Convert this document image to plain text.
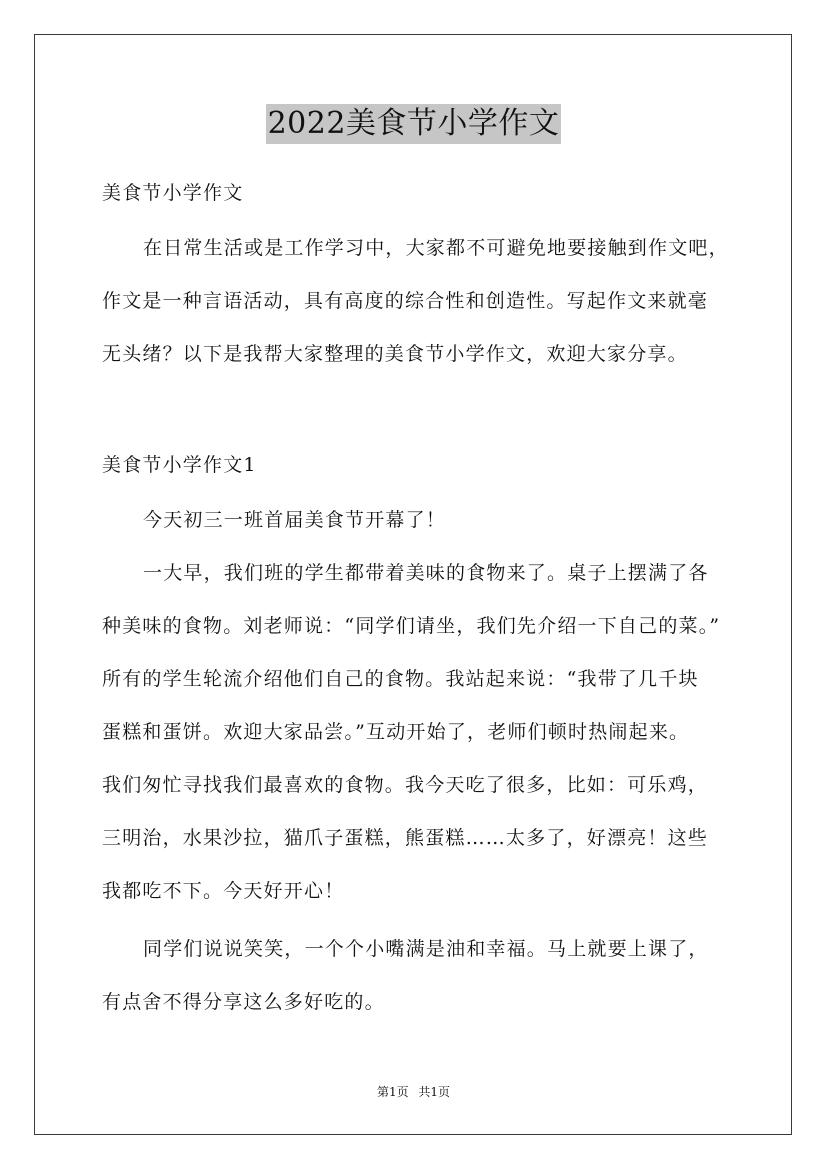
2022美食节小学作文
美食节小学作文
在日常生活或是工作学习中，大家都不可避免地要接触到作文吧，
作文是一种言语活动，具有高度的综合性和创造性。写起作文来就毫
无头绪？以下是我帮大家整理的美食节小学作文，欢迎大家分享。
美食节小学作文1
今天初三一班首届美食节开幕了！
一大早，我们班的学生都带着美味的食物来了。桌子上摆满了各
种美味的食物。刘老师说：“同学们请坐，我们先介绍一下自己的菜。”
所有的学生轮流介绍他们自己的食物。我站起来说：“我带了几千块
蛋糕和蛋饼。欢迎大家品尝。”互动开始了，老师们顿时热闹起来。
我们匆忙寻找我们最喜欢的食物。我今天吃了很多，比如：可乐鸡，
三明治，水果沙拉，猫爪子蛋糕，熊蛋糕……太多了，好漂亮！这些
我都吃不下。今天好开心！
同学们说说笑笑，一个个小嘴满是油和幸福。马上就要上课了，
有点舍不得分享这么多好吃的。
第1页 共1页
